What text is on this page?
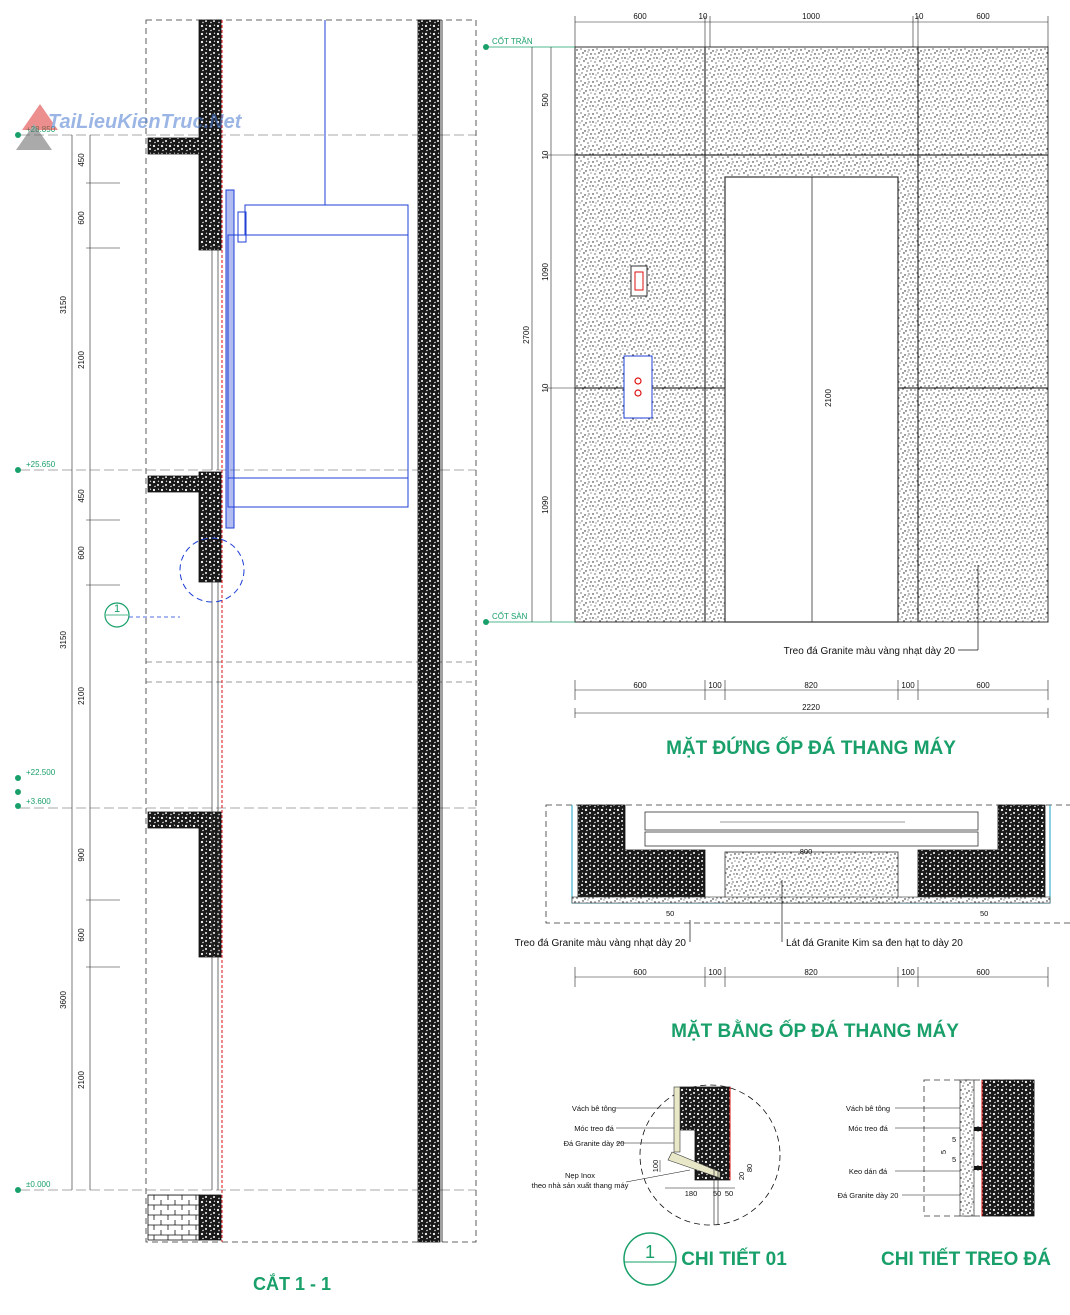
1
450
600
3150
2100
450
600
3150
2100
900
600
3600
2100
+25.650
+22.500
+3.600
±0.000
CẮT 1 - 1
TaiLieuKienTruc.Net
CỐT TRẦN
CỐT SÀN
600	10	1000	10	600
500
10
1090
10
1090
2700
2100
Treo đá Granite màu vàng nhạt dày 20
600	100	820	100	600
2220
MẶT ĐỨNG ỐP ĐÁ THANG MÁY
800
50	50
Treo đá Granite màu vàng nhạt dày 20	Lát đá Granite Kim sa đen hạt to dày 20
600	100	820	100	600
MẶT BẰNG ỐP ĐÁ THANG MÁY
Vách bê tông
Móc treo đá
Đá Granite dày 20
Nẹp Inox
theo nhà sản xuất thang máy
20
100
180 50 50
80
20
1 CHI TIẾT 01
Vách bê tông
Móc treo đá
Keo dán đá
Đá Granite dày 20
5
5
5
CHI TIẾT TREO ĐÁ
